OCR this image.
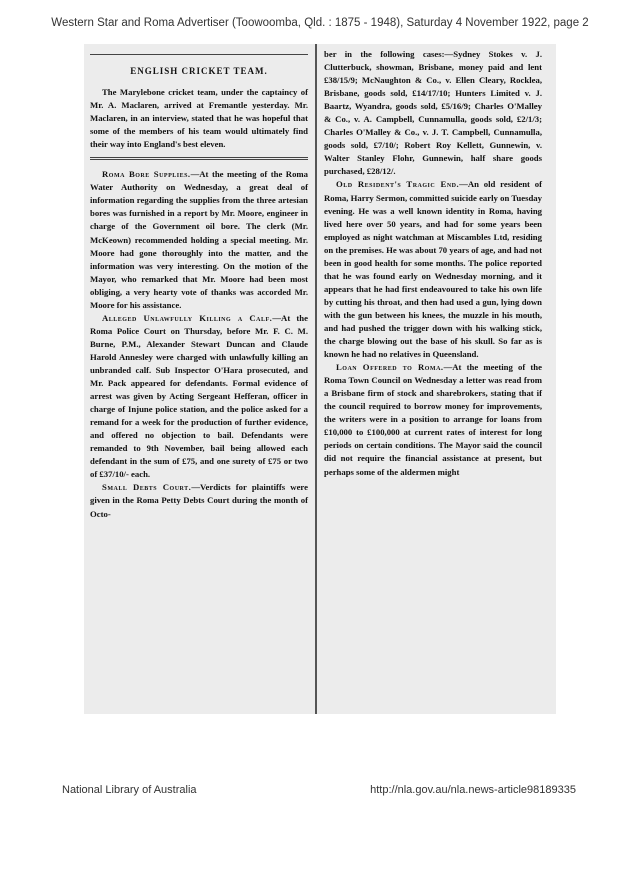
Western Star and Roma Advertiser (Toowoomba, Qld. : 1875 - 1948), Saturday 4 November 1922, page 2
ENGLISH CRICKET TEAM.

The Marylebone cricket team, under the captaincy of Mr. A. Maclaren, arrived at Fremantle yesterday. Mr. Maclaren, in an interview, stated that he was hopeful that some of the members of his team would ultimately find their way into England's best eleven.

Roma Bore Supplies.—At the meeting of the Roma Water Authority on Wednesday, a great deal of information regarding the supplies from the three artesian bores was furnished in a report by Mr. Moore, engineer in charge of the Government oil bore. The clerk (Mr. McKeown) recommended holding a special meeting. Mr. Moore had gone thoroughly into the matter, and the information was very interesting. On the motion of the Mayor, who remarked that Mr. Moore had been most obliging, a very hearty vote of thanks was accorded Mr. Moore for his assistance.

Alleged Unlawfully Killing a Calf.—At the Roma Police Court on Thursday, before Mr. F. C. M. Burne, P.M., Alexander Stewart Duncan and Claude Harold Annesley were charged with unlawfully killing an unbranded calf. Sub Inspector O'Hara prosecuted, and Mr. Pack appeared for defendants. Formal evidence of arrest was given by Acting Sergeant Hefferan, officer in charge of Injune police station, and the police asked for a remand for a week for the production of further evidence, and offered no objection to bail. Defendants were remanded to 9th November, bail being allowed each defendant in the sum of £75, and one surety of £75 or two of £37/10/- each.

Small Debts Court.—Verdicts for plaintiffs were given in the Roma Petty Debts Court during the month of Octo-

ber in the following cases:—Sydney Stokes v. J. Clutterbuck, showman, Brisbane, money paid and lent £38/15/9; McNaughton & Co., v. Ellen Cleary, Rocklea, Brisbane, goods sold, £14/17/10; Hunters Limited v. J. Baartz, Wyandra, goods sold, £5/16/9; Charles O'Malley & Co., v. A. Campbell, Cunnamulla, goods sold, £2/1/3; Charles O'Malley & Co., v. J. T. Campbell, Cunnamulla, goods sold, £7/10/; Robert Roy Kellett, Gunnewin, v. Walter Stanley Flohr, Gunnewin, half share goods purchased, £28/12/.

Old Resident's Tragic End.—An old resident of Roma, Harry Sermon, committed suicide early on Tuesday evening. He was a well known identity in Roma, having lived here over 50 years, and had for some years been employed as night watchman at Miscambles Ltd, residing on the premises. He was about 70 years of age, and had not been in good health for some months. The police reported that he was found early on Wednesday morning, and it appears that he had first endeavoured to take his own life by cutting his throat, and then had used a gun, lying down with the gun between his knees, the muzzle in his mouth, and had pushed the trigger down with his walking stick, the charge blowing out the base of his skull. So far as is known he had no relatives in Queensland.

Loan Offered to Roma.—At the meeting of the Roma Town Council on Wednesday a letter was read from a Brisbane firm of stock and sharebrokers, stating that if the council required to borrow money for improvements, the writers were in a position to arrange for loans from £10,000 to £100,000 at current rates of interest for long periods on certain conditions. The Mayor said the council did not require the financial assistance at present, but perhaps some of the aldermen might

National Library of Australia	http://nla.gov.au/nla.news-article98189335
